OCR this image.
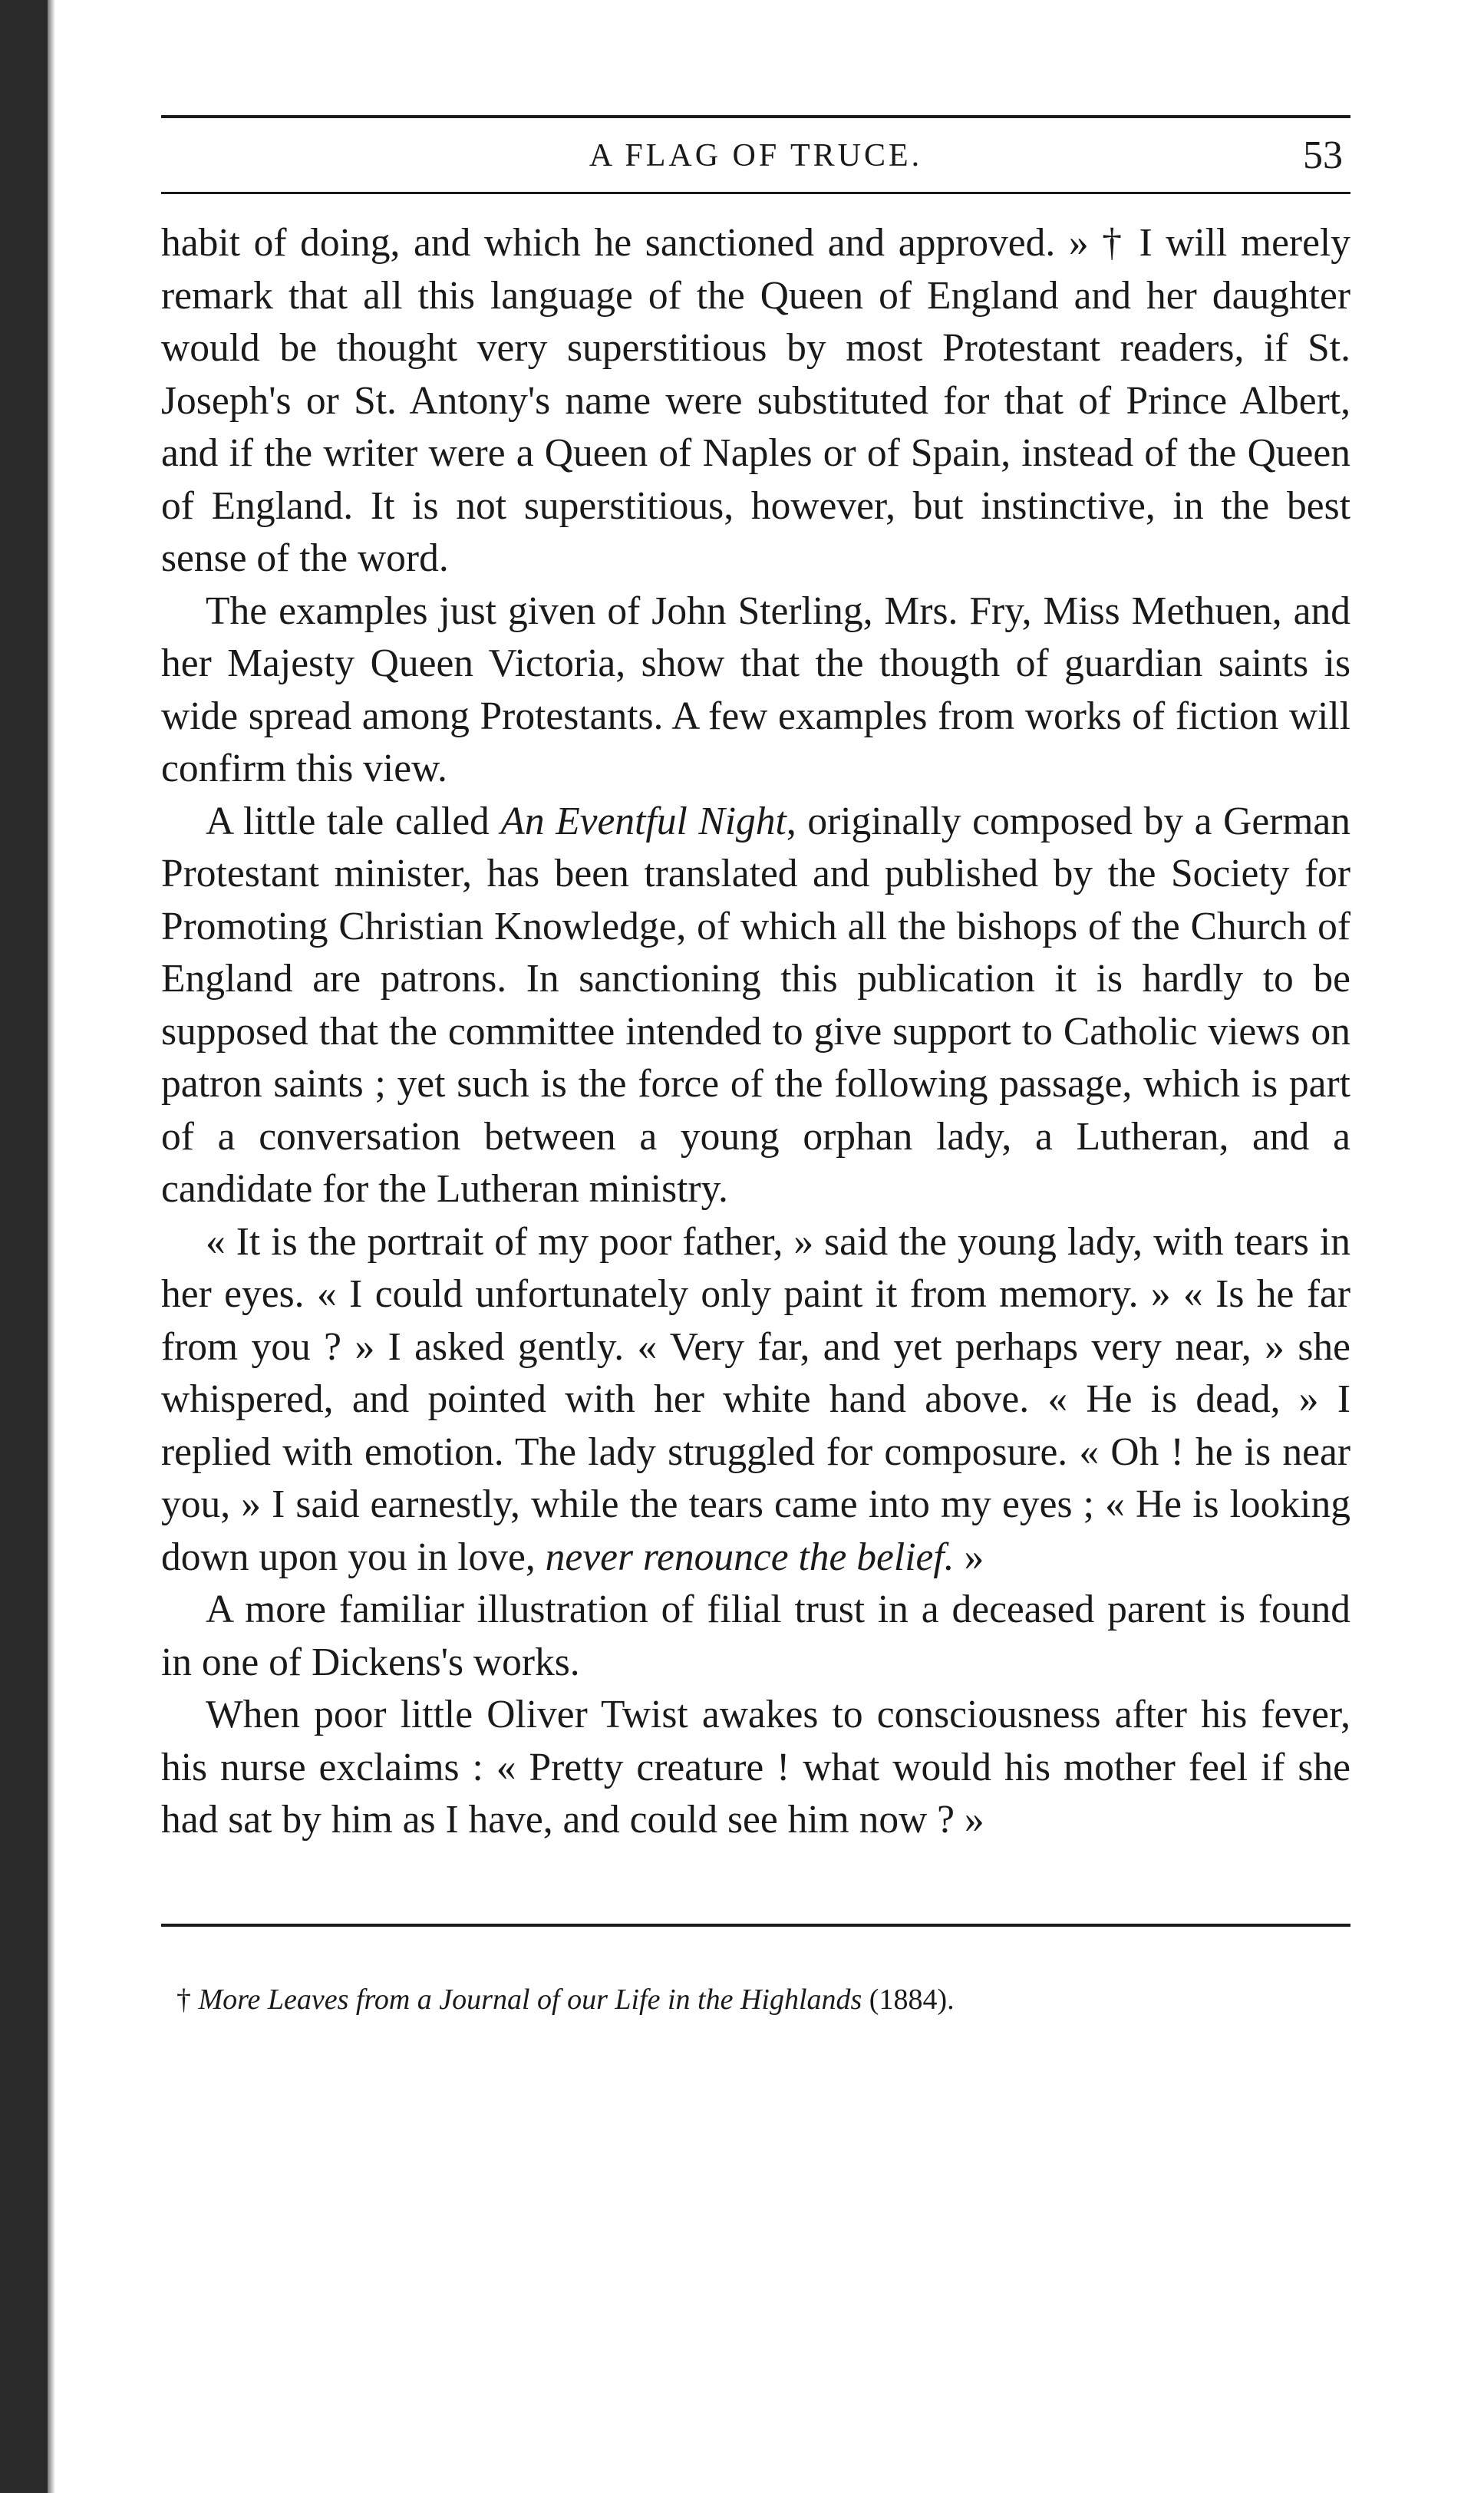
A FLAG OF TRUCE.	53

habit of doing, and which he sanctioned and approved. » † I will merely remark that all this language of the Queen of England and her daughter would be thought very superstitious by most Protestant readers, if St. Joseph's or St. Antony's name were substituted for that of Prince Albert, and if the writer were a Queen of Naples or of Spain, instead of the Queen of England. It is not superstitious, however, but instinctive, in the best sense of the word.

The examples just given of John Sterling, Mrs. Fry, Miss Methuen, and her Majesty Queen Victoria, show that the thougth of guardian saints is wide spread among Protestants. A few examples from works of fiction will confirm this view.

A little tale called An Eventful Night, originally composed by a German Protestant minister, has been translated and published by the Society for Promoting Christian Knowledge, of which all the bishops of the Church of England are patrons. In sanctioning this publication it is hardly to be supposed that the committee intended to give support to Catholic views on patron saints ; yet such is the force of the following passage, which is part of a conversation between a young orphan lady, a Lutheran, and a candidate for the Lutheran ministry.

« It is the portrait of my poor father, » said the young lady, with tears in her eyes. « I could unfortunately only paint it from memory. » « Is he far from you ? » I asked gently. « Very far, and yet perhaps very near, » she whispered, and pointed with her white hand above. « He is dead, » I replied with emotion. The lady struggled for composure. « Oh ! he is near you, » I said earnestly, while the tears came into my eyes ; « He is looking down upon you in love, never renounce the belief. »

A more familiar illustration of filial trust in a deceased parent is found in one of Dickens's works.

When poor little Oliver Twist awakes to consciousness after his fever, his nurse exclaims : « Pretty creature ! what would his mother feel if she had sat by him as I have, and could see him now ? »

† More Leaves from a Journal of our Life in the Highlands (1884).
